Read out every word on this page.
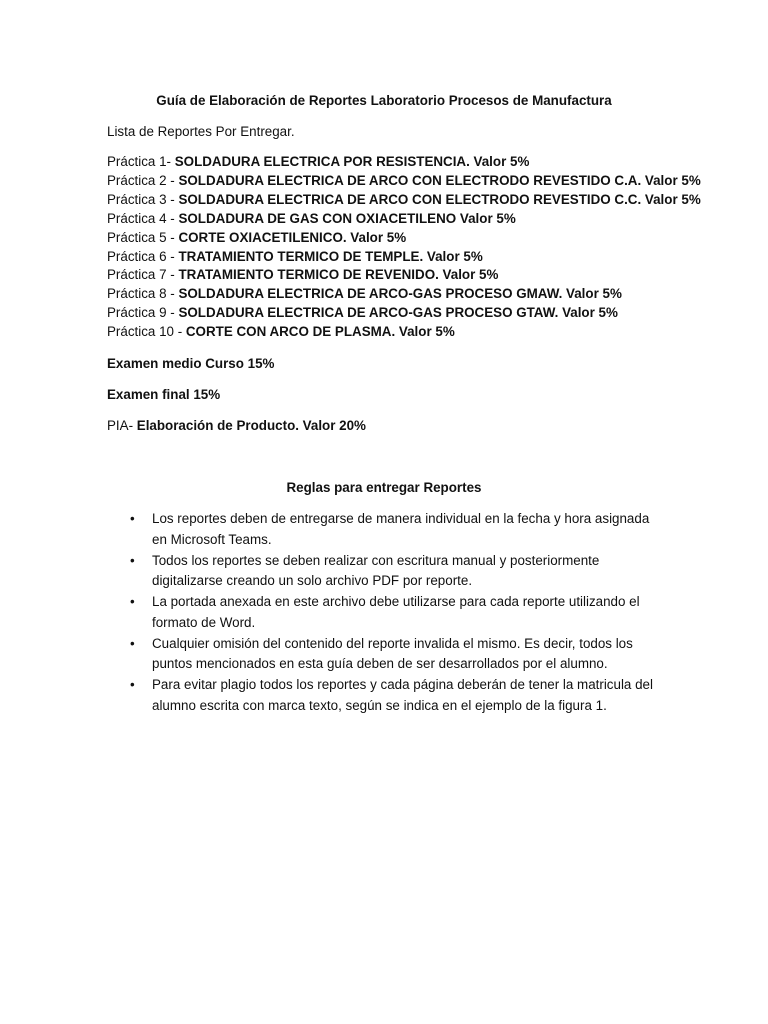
Guía de Elaboración de Reportes Laboratorio Procesos de Manufactura
Lista de Reportes Por Entregar.
Práctica 1- SOLDADURA ELECTRICA POR RESISTENCIA. Valor 5%
Práctica 2 - SOLDADURA ELECTRICA DE ARCO CON ELECTRODO REVESTIDO C.A. Valor 5%
Práctica 3 - SOLDADURA ELECTRICA DE ARCO CON ELECTRODO REVESTIDO C.C. Valor 5%
Práctica 4 - SOLDADURA DE GAS CON OXIACETILENO Valor 5%
Práctica 5 - CORTE OXIACETILENICO. Valor 5%
Práctica 6 - TRATAMIENTO TERMICO DE TEMPLE. Valor 5%
Práctica 7 - TRATAMIENTO TERMICO DE REVENIDO. Valor 5%
Práctica 8 - SOLDADURA ELECTRICA DE ARCO-GAS PROCESO GMAW. Valor 5%
Práctica 9 - SOLDADURA ELECTRICA DE ARCO-GAS PROCESO GTAW. Valor 5%
Práctica 10 - CORTE CON ARCO DE PLASMA. Valor 5%
Examen medio Curso 15%
Examen final 15%
PIA- Elaboración de Producto. Valor 20%
Reglas para entregar Reportes
• Los reportes deben de entregarse de manera individual en la fecha y hora asignada en Microsoft Teams.
• Todos los reportes se deben realizar con escritura manual y posteriormente digitalizarse creando un solo archivo PDF por reporte.
• La portada anexada en este archivo debe utilizarse para cada reporte utilizando el formato de Word.
• Cualquier omisión del contenido del reporte invalida el mismo. Es decir, todos los puntos mencionados en esta guía deben de ser desarrollados por el alumno.
• Para evitar plagio todos los reportes y cada página deberán de tener la matricula del alumno escrita con marca texto, según se indica en el ejemplo de la figura 1.
